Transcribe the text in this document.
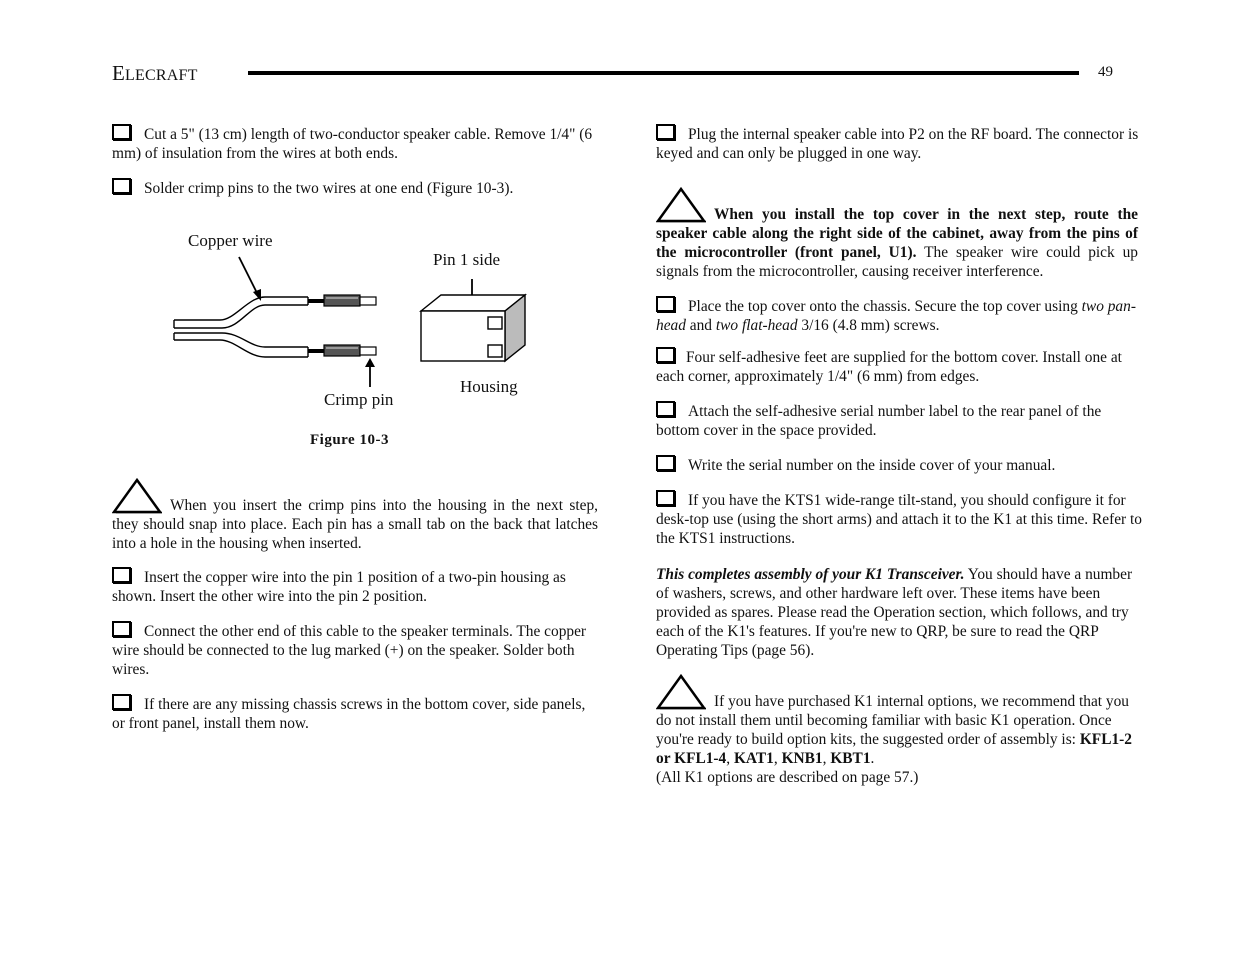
ELECRAFT	49

Cut a 5" (13 cm) length of two-conductor speaker cable. Remove 1/4" (6 mm) of insulation from the wires at both ends.

Solder crimp pins to the two wires at one end (Figure 10-3).

When you insert the crimp pins into the housing in the next step, they should snap into place. Each pin has a small tab on the back that latches into a hole in the housing when inserted.

Insert the copper wire into the pin 1 position of a two-pin housing as shown. Insert the other wire into the pin 2 position.

Connect the other end of this cable to the speaker terminals. The copper wire should be connected to the lug marked (+) on the speaker. Solder both wires.

If there are any missing chassis screws in the bottom cover, side panels, or front panel, install them now.

Copper wire
Pin 1 side
Housing
Crimp pin
Figure 10-3

Plug the internal speaker cable into P2 on the RF board. The connector is keyed and can only be plugged in one way.

When you install the top cover in the next step, route the speaker cable along the right side of the cabinet, away from the pins of the microcontroller (front panel, U1). The speaker wire could pick up signals from the microcontroller, causing receiver interference.

Place the top cover onto the chassis. Secure the top cover using two pan-head and two flat-head 3/16 (4.8 mm) screws.

Four self-adhesive feet are supplied for the bottom cover. Install one at each corner, approximately 1/4" (6 mm) from edges.

Attach the self-adhesive serial number label to the rear panel of the bottom cover in the space provided.

Write the serial number on the inside cover of your manual.

If you have the KTS1 wide-range tilt-stand, you should configure it for desk-top use (using the short arms) and attach it to the K1 at this time. Refer to the KTS1 instructions.

This completes assembly of your K1 Transceiver. You should have a number of washers, screws, and other hardware left over. These items have been provided as spares. Please read the Operation section, which follows, and try each of the K1's features. If you're new to QRP, be sure to read the QRP Operating Tips (page 56).

If you have purchased K1 internal options, we recommend that you do not install them until becoming familiar with basic K1 operation. Once you're ready to build option kits, the suggested order of assembly is: KFL1-2 or KFL1-4, KAT1, KNB1, KBT1.
(All K1 options are described on page 57.)
